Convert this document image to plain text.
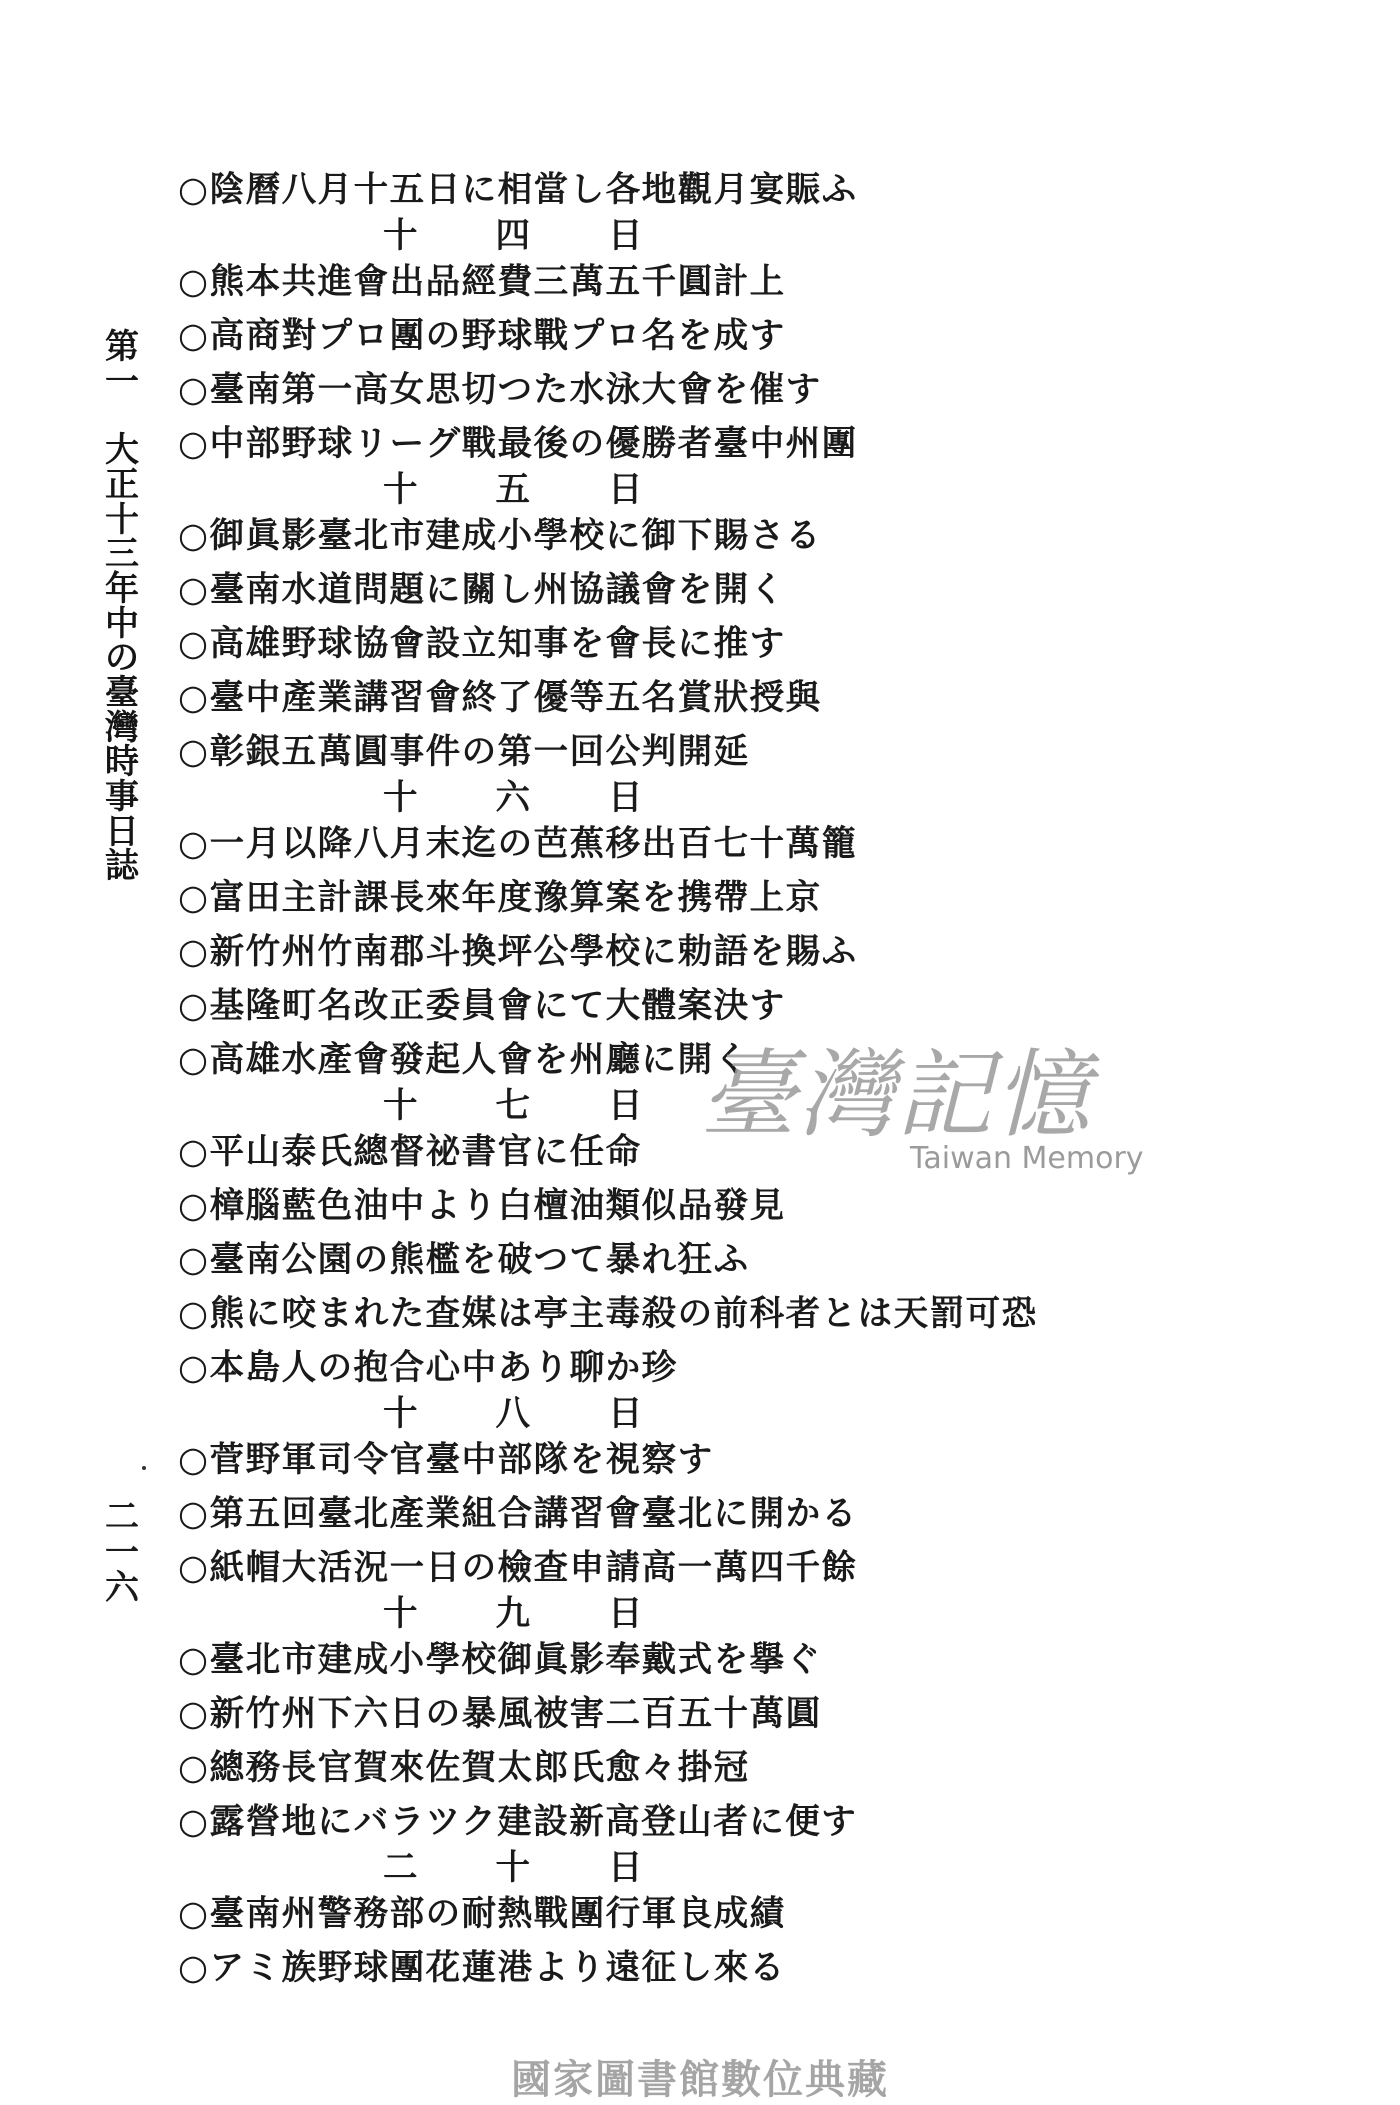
第
一
大
正
十
三
年
中
の
臺
灣
時
事
日
誌
二
一
六
○陰曆八月十五日に相當し各地觀月宴賑ふ
十四日
○熊本共進會出品經費三萬五千圓計上
○高商對プロ團の野球戰プロ名を成す
○臺南第一高女思切つた水泳大會を催す
○中部野球リーグ戰最後の優勝者臺中州團
十五日
○御眞影臺北市建成小學校に御下賜さる
○臺南水道問題に關し州協議會を開く
○高雄野球協會設立知事を會長に推す
○臺中產業講習會終了優等五名賞狀授與
○彰銀五萬圓事件の第一回公判開延
十六日
○一月以降八月末迄の芭蕉移出百七十萬籠
○富田主計課長來年度豫算案を携帶上京
○新竹州竹南郡斗換坪公學校に勅語を賜ふ
○基隆町名改正委員會にて大體案決す
○高雄水產會發起人會を州廳に開く
十七日
○平山泰氏總督祕書官に任命
○樟腦藍色油中より白檀油類似品發見
○臺南公園の熊檻を破つて暴れ狂ふ
○熊に咬まれた查媒は亭主毒殺の前科者とは天罰可恐
○本島人の抱合心中あり聊か珍
十八日
○菅野軍司令官臺中部隊を視察す
○第五回臺北產業組合講習會臺北に開かる
○紙帽大活況一日の檢查申請高一萬四千餘
十九日
○臺北市建成小學校御眞影奉戴式を擧ぐ
○新竹州下六日の暴風被害二百五十萬圓
○總務長官賀來佐賀太郎氏愈々掛冠
○露營地にバラツク建設新高登山者に便す
二十日
○臺南州警務部の耐熱戰團行軍良成績
○アミ族野球團花蓮港より遠征し來る
臺灣記憶
Taiwan Memory
國家圖書館數位典藏
